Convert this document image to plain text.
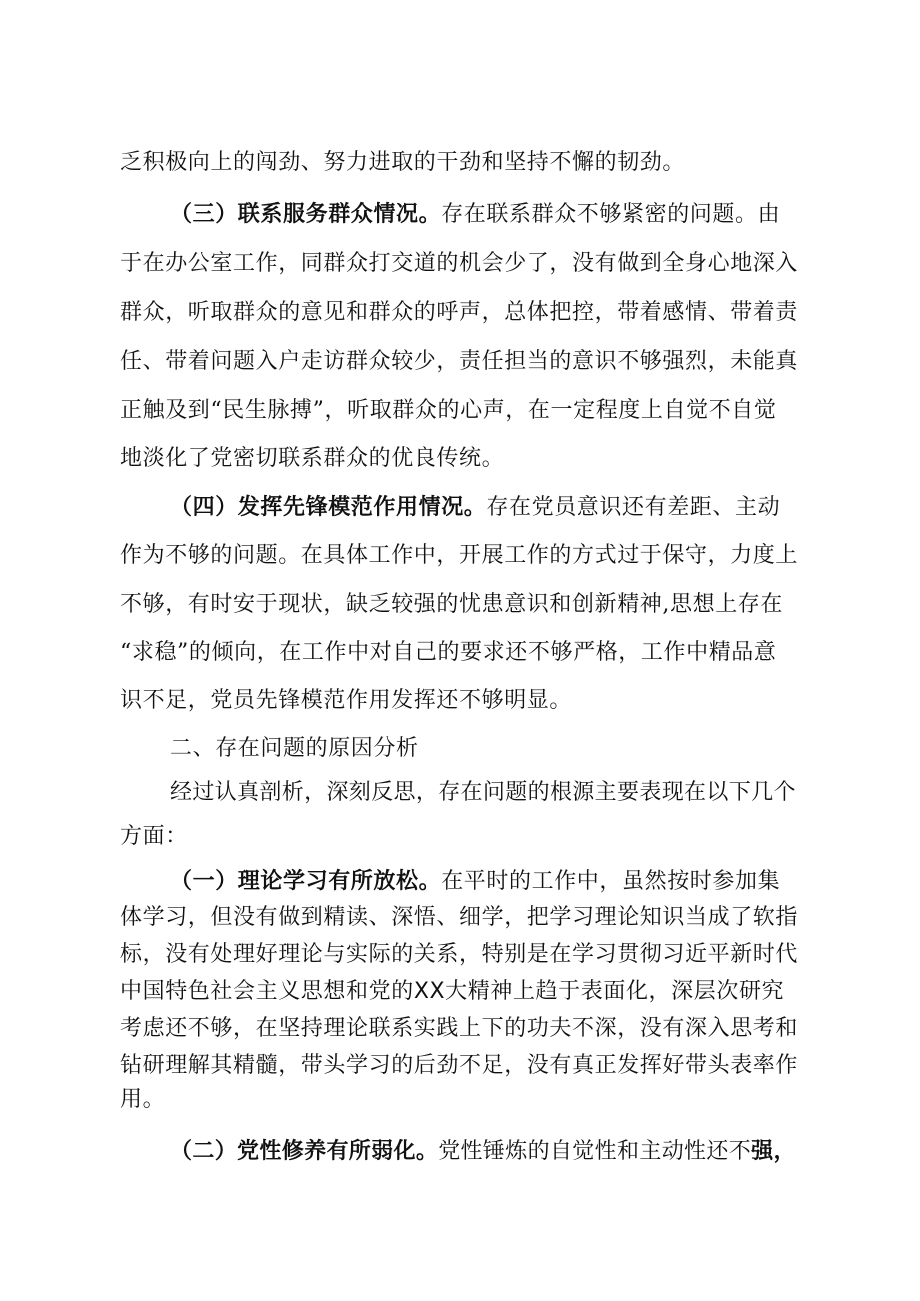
乏积极向上的闯劲、努力进取的干劲和坚持不懈的韧劲。
（三）联系服务群众情况。存在联系群众不够紧密的问题。由
于在办公室工作，同群众打交道的机会少了，没有做到全身心地深入
群众，听取群众的意见和群众的呼声，总体把控，带着感情、带着责
任、带着问题入户走访群众较少，责任担当的意识不够强烈，未能真
正触及到“民生脉搏”，听取群众的心声，在一定程度上自觉不自觉
地淡化了党密切联系群众的优良传统。
（四）发挥先锋模范作用情况。存在党员意识还有差距、主动
作为不够的问题。在具体工作中，开展工作的方式过于保守，力度上
不够，有时安于现状，缺乏较强的忧患意识和创新精神,思想上存在
“求稳”的倾向，在工作中对自己的要求还不够严格，工作中精品意
识不足，党员先锋模范作用发挥还不够明显。
二、存在问题的原因分析
经过认真剖析，深刻反思，存在问题的根源主要表现在以下几个
方面：
（一）理论学习有所放松。在平时的工作中，虽然按时参加集
体学习，但没有做到精读、深悟、细学，把学习理论知识当成了软指
标，没有处理好理论与实际的关系，特别是在学习贯彻习近平新时代
中国特色社会主义思想和党的XX大精神上趋于表面化，深层次研究
考虑还不够，在坚持理论联系实践上下的功夫不深，没有深入思考和
钻研理解其精髓，带头学习的后劲不足，没有真正发挥好带头表率作
用。
（二）党性修养有所弱化。党性锤炼的自觉性和主动性还不强，
